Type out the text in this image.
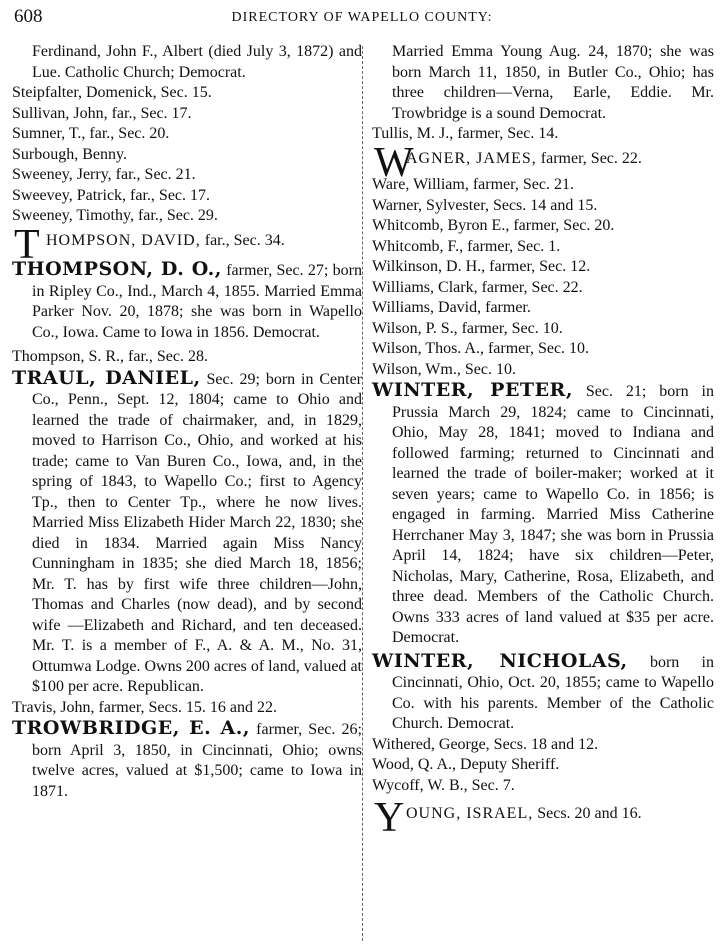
608	DIRECTORY OF WAPELLO COUNTY:
Ferdinand, John F., Albert (died July 3, 1872) and Lue. Catholic Church; Democrat.
Steipfalter, Domenick, Sec. 15.
Sullivan, John, far., Sec. 17.
Sumner, T., far., Sec. 20.
Surbough, Benny.
Sweeney, Jerry, far., Sec. 21.
Sweevey, Patrick, far., Sec. 17.
Sweeney, Timothy, far., Sec. 29.
T HOMPSON, DAVID, far., Sec. 34.
THOMPSON, D. O., farmer, Sec. 27; born in Ripley Co., Ind., March 4, 1855. Married Emma Parker Nov. 20, 1878; she was born in Wapello Co., Iowa. Came to Iowa in 1856. Democrat.
Thompson, S. R., far., Sec. 28.
TRAUL, DANIEL, Sec. 29; born in Center Co., Penn., Sept. 12, 1804; came to Ohio and learned the trade of chairmaker, and, in 1829, moved to Harrison Co., Ohio, and worked at his trade; came to Van Buren Co., Iowa, and, in the spring of 1843, to Wapello Co.; first to Agency Tp., then to Center Tp., where he now lives. Married Miss Elizabeth Hider March 22, 1830; she died in 1834. Married again Miss Nancy Cunningham in 1835; she died March 18, 1856; Mr. T. has by first wife three children—John, Thomas and Charles (now dead), and by second wife —Elizabeth and Richard, and ten deceased. Mr. T. is a member of F., A. & A. M., No. 31, Ottumwa Lodge. Owns 200 acres of land, valued at $100 per acre. Republican.
Travis, John, farmer, Secs. 15. 16 and 22.
TROWBRIDGE, E. A., farmer, Sec. 26; born April 3, 1850, in Cincinnati, Ohio; owns twelve acres, valued at $1,500; came to Iowa in 1871.
Married Emma Young Aug. 24, 1870; she was born March 11, 1850, in Butler Co., Ohio; has three children—Verna, Earle, Eddie. Mr. Trowbridge is a sound Democrat.
Tullis, M. J., farmer, Sec. 14.
W
AGNER, JAMES, farmer, Sec. 22.
Ware, William, farmer, Sec. 21.
Warner, Sylvester, Secs. 14 and 15.
Whitcomb, Byron E., farmer, Sec. 20.
Whitcomb, F., farmer, Sec. 1.
Wilkinson, D. H., farmer, Sec. 12.
Williams, Clark, farmer, Sec. 22.
Williams, David, farmer.
Wilson, P. S., farmer, Sec. 10.
Wilson, Thos. A., farmer, Sec. 10.
Wilson, Wm., Sec. 10.
WINTER, PETER, Sec. 21; born in Prussia March 29, 1824; came to Cincinnati, Ohio, May 28, 1841; moved to Indiana and followed farming; returned to Cincinnati and learned the trade of boiler-maker; worked at it seven years; came to Wapello Co. in 1856; is engaged in farming. Married Miss Catherine Herrchaner May 3, 1847; she was born in Prussia April 14, 1824; have six children—Peter, Nicholas, Mary, Catherine, Rosa, Elizabeth, and three dead. Members of the Catholic Church. Owns 333 acres of land valued at $35 per acre. Democrat.
WINTER, NICHOLAS, born in Cincinnati, Ohio, Oct. 20, 1855; came to Wapello Co. with his parents. Member of the Catholic Church. Democrat.
Withered, George, Secs. 18 and 12.
Wood, Q. A., Deputy Sheriff.
Wycoff, W. B., Sec. 7.
Y OUNG, ISRAEL, Secs. 20 and 16.
